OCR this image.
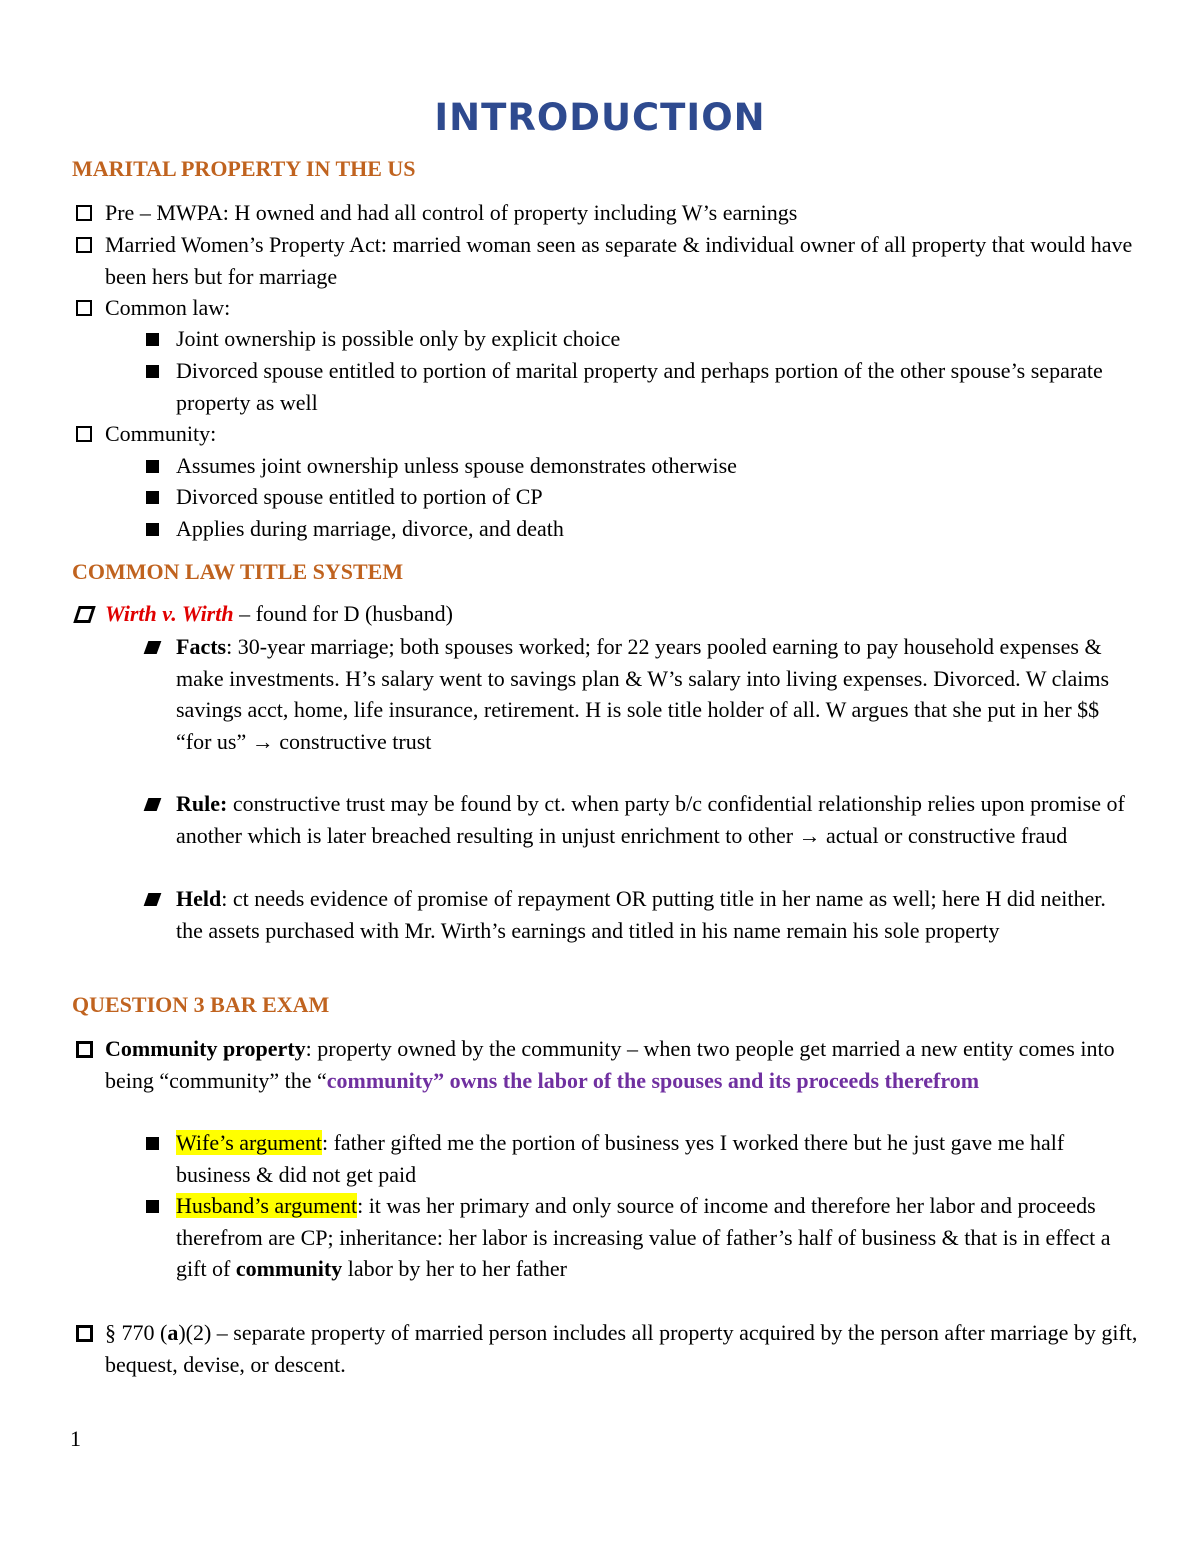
INTRODUCTION
MARITAL PROPERTY IN THE US
Pre – MWPA: H owned and had all control of property including W’s earnings
Married Women’s Property Act: married woman seen as separate & individual owner of all property that would have been hers but for marriage
Common law:
Joint ownership is possible only by explicit choice
Divorced spouse entitled to portion of marital property and perhaps portion of the other spouse’s separate property as well
Community:
Assumes joint ownership unless spouse demonstrates otherwise
Divorced spouse entitled to portion of CP
Applies during marriage, divorce, and death
COMMON LAW TITLE SYSTEM
Wirth v. Wirth – found for D (husband)
Facts: 30-year marriage; both spouses worked; for 22 years pooled earning to pay household expenses & make investments. H’s salary went to savings plan & W’s salary into living expenses. Divorced. W claims savings acct, home, life insurance, retirement. H is sole title holder of all. W argues that she put in her $$ “for us” → constructive trust
Rule: constructive trust may be found by ct. when party b/c confidential relationship relies upon promise of another which is later breached resulting in unjust enrichment to other → actual or constructive fraud
Held: ct needs evidence of promise of repayment OR putting title in her name as well; here H did neither. the assets purchased with Mr. Wirth’s earnings and titled in his name remain his sole property
QUESTION 3 BAR EXAM
Community property: property owned by the community – when two people get married a new entity comes into being “community” the “community” owns the labor of the spouses and its proceeds therefrom
Wife’s argument: father gifted me the portion of business yes I worked there but he just gave me half business & did not get paid
Husband’s argument: it was her primary and only source of income and therefore her labor and proceeds therefrom are CP; inheritance: her labor is increasing value of father’s half of business & that is in effect a gift of community labor by her to her father
§ 770 (a)(2) – separate property of married person includes all property acquired by the person after marriage by gift, bequest, devise, or descent.
1
